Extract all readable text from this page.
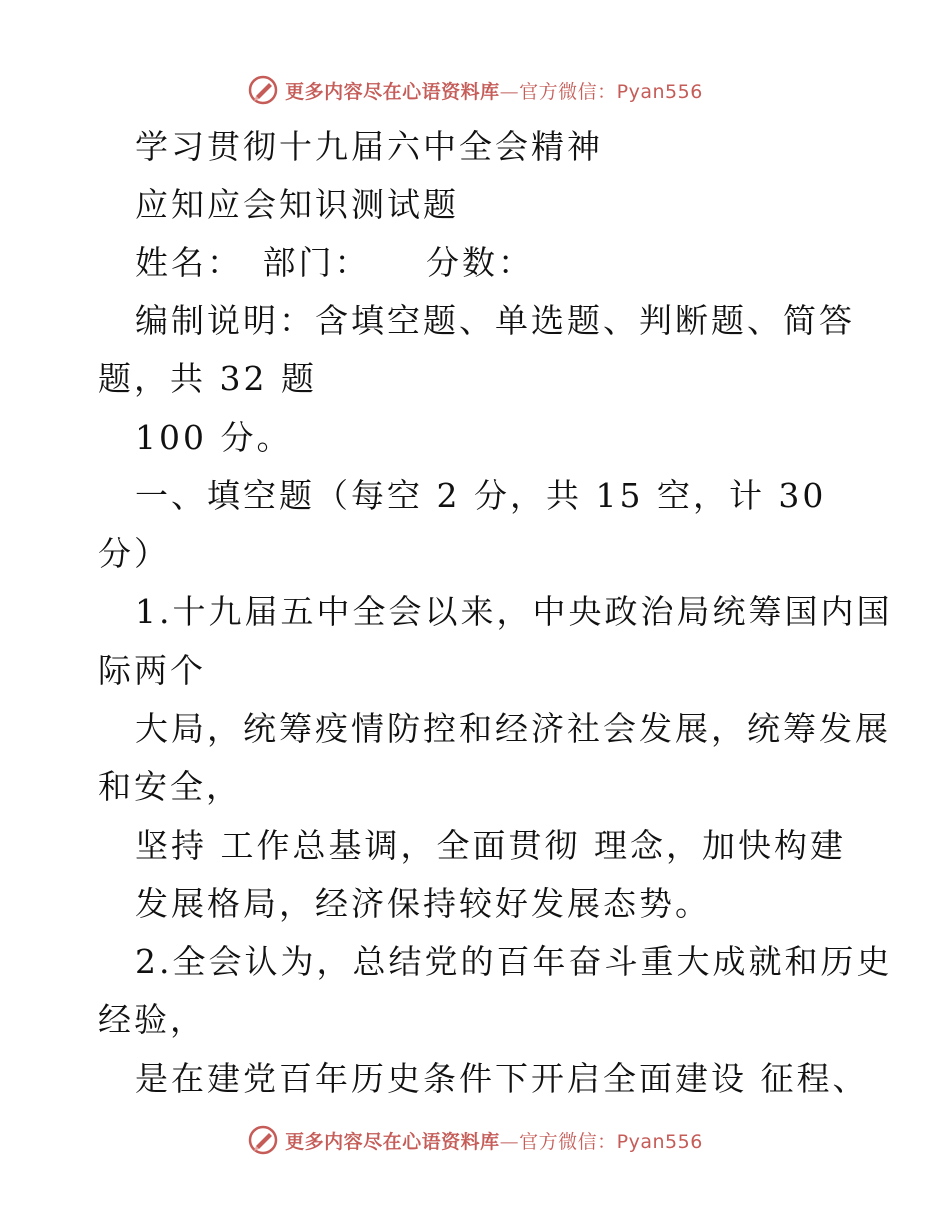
更多内容尽在心语资料库—官方微信：Pyan556
学习贯彻十九届六中全会精神
应知应会知识测试题
姓名：　部门：　　分数：
编制说明：含填空题、单选题、判断题、简答
题，共 32 题
100 分。
一、填空题（每空 2 分，共 15 空，计 30
分）
1.十九届五中全会以来，中央政治局统筹国内国
际两个
大局，统筹疫情防控和经济社会发展，统筹发展
和安全，
坚持 工作总基调，全面贯彻 理念，加快构建
发展格局，经济保持较好发展态势。
2.全会认为，总结党的百年奋斗重大成就和历史
经验，
是在建党百年历史条件下开启全面建设 征程、
更多内容尽在心语资料库—官方微信：Pyan556
